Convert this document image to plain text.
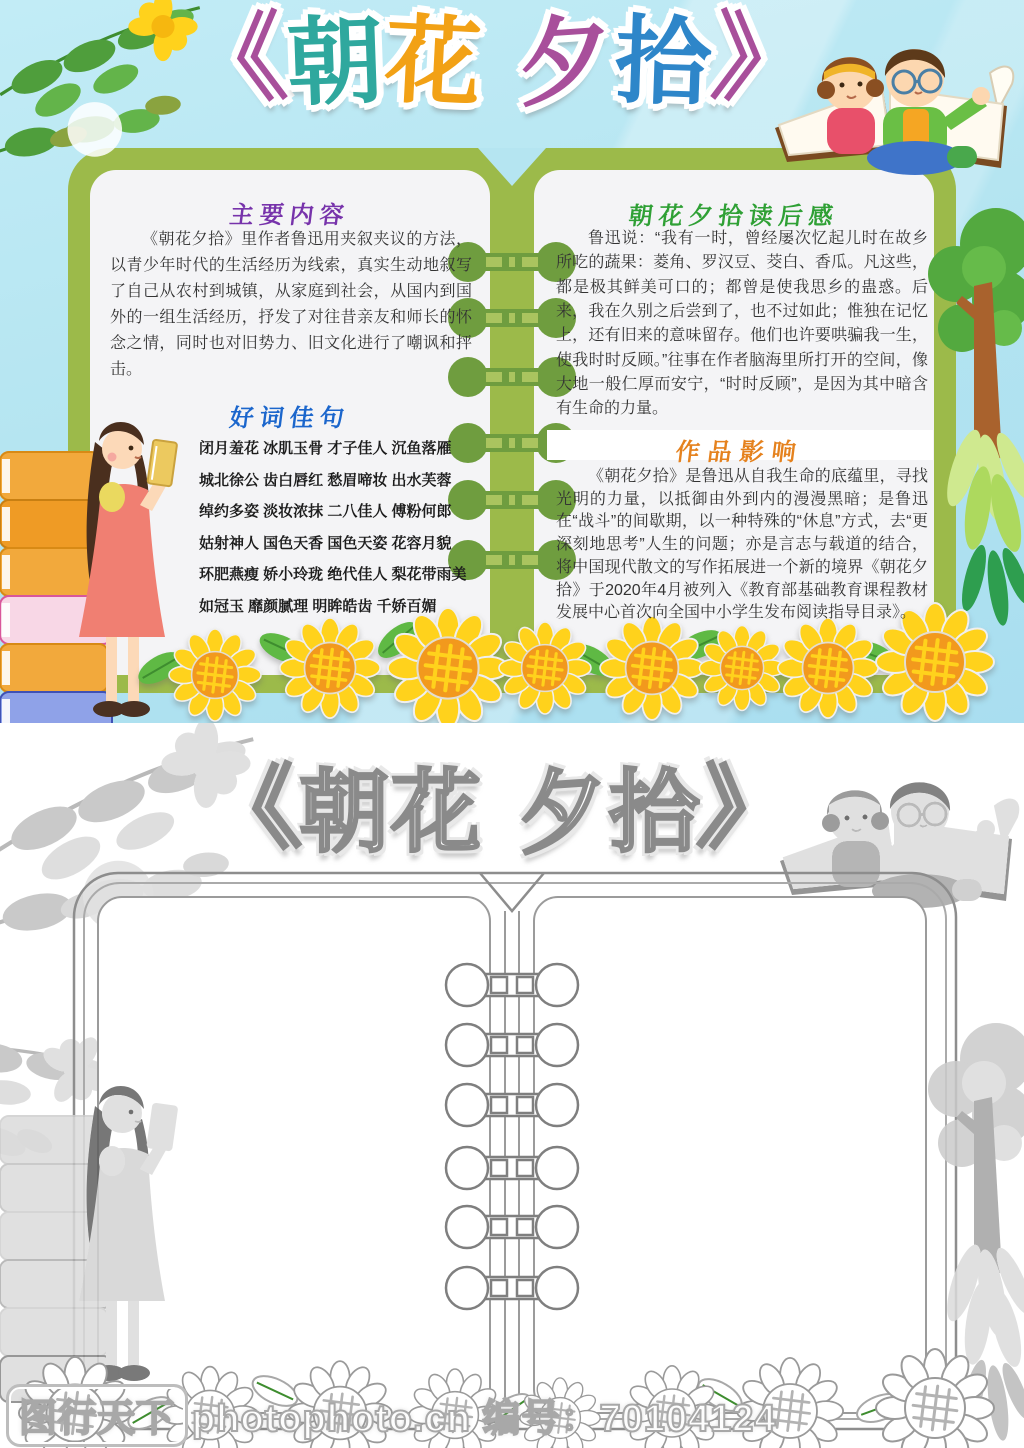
《朝花 夕拾》
主要内容
《朝花夕拾》里作者鲁迅用夹叙夹议的方法，以青少年时代的生活经历为线索，真实生动地叙写了自己从农村到城镇，从家庭到社会，从国内到国外的一组生活经历，抒发了对往昔亲友和师长的怀念之情，同时也对旧势力、旧文化进行了嘲讽和抨击。
好词佳句
闭月羞花 冰肌玉骨 才子佳人 沉鱼落雁
城北徐公 齿白唇红 愁眉啼妆 出水芙蓉
绰约多姿 淡妆浓抹 二八佳人 傅粉何郎
姑射神人 国色天香 国色天姿 花容月貌
环肥燕瘦 娇小玲珑 绝代佳人 梨花带雨美
如冠玉 靡颜腻理 明眸皓齿 千娇百媚
朝花夕拾读后感
鲁迅说：“我有一时，曾经屡次忆起儿时在故乡所吃的蔬果：菱角、罗汉豆、茭白、香瓜。凡这些，都是极其鲜美可口的；都曾是使我思乡的蛊惑。后来，我在久别之后尝到了，也不过如此；惟独在记忆上，还有旧来的意味留存。他们也许要哄骗我一生，使我时时反顾。”往事在作者脑海里所打开的空间，像大地一般仁厚而安宁，“时时反顾”，是因为其中暗含有生命的力量。
作品影响
《朝花夕拾》是鲁迅从自我生命的底蕴里，寻找光明的力量，以抵御由外到内的漫漫黑暗；是鲁迅在“战斗”的间歇期，以一种特殊的“休息”方式，去“更深刻地思考”人生的问题；亦是言志与载道的结合，将中国现代散文的写作拓展进一个新的境界《朝花夕拾》于2020年4月被列入《教育部基础教育课程教材发展中心首次向全国中小学生发布阅读指导目录》。
《朝花 夕拾》
图行天下 photophoto.cn 编号：70104124
